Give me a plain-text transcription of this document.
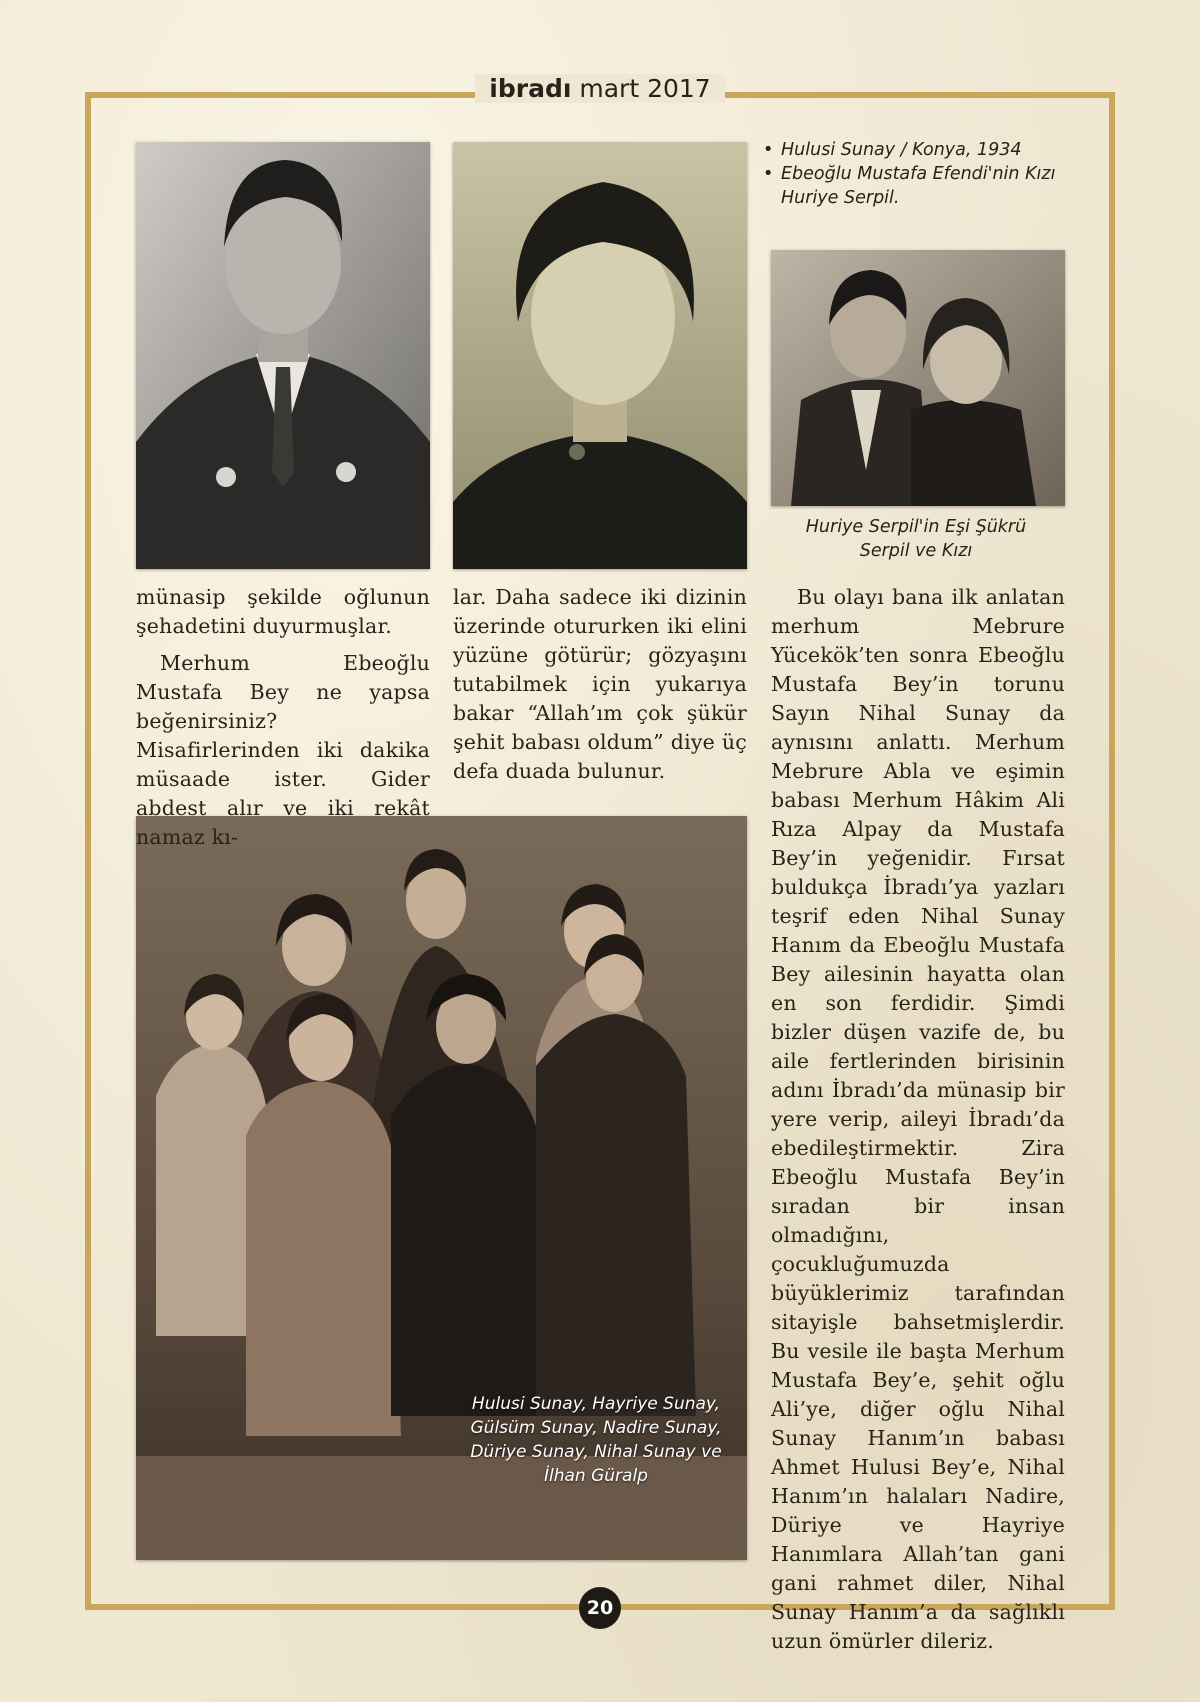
ibradı mart 2017
• Hulusi Sunay / Konya, 1934
• Ebeoğlu Mustafa Efendi'nin Kızı Huriye Serpil.
Huriye Serpil'in Eşi Şükrü Serpil ve Kızı
Hulusi Sunay, Hayriye Sunay, Gülsüm Sunay, Nadire Sunay, Düriye Sunay, Nihal Sunay ve İlhan Güralp

münasip şekilde oğlunun şehadetini duyurmuşlar.

Merhum Ebeoğlu Mustafa Bey ne yapsa beğenirsiniz? Misafirlerinden iki dakika müsaade ister. Gider abdest alır ve iki rekât namaz kı-

lar. Daha sadece iki dizinin üzerinde otururken iki elini yüzüne götürür; gözyaşını tutabilmek için yukarıya bakar “Allah’ım çok şükür şehit babası oldum” diye üç defa duada bulunur.

Bu olayı bana ilk anlatan merhum Mebrure Yücekök’ten sonra Ebeoğlu Mustafa Bey’in torunu Sayın Nihal Sunay da aynısını anlattı. Merhum Mebrure Abla ve eşimin babası Merhum Hâkim Ali Rıza Alpay da Mustafa Bey’in yeğenidir. Fırsat buldukça İbradı’ya yazları teşrif eden Nihal Sunay Hanım da Ebeoğlu Mustafa Bey ailesinin hayatta olan en son ferdidir. Şimdi bizler düşen vazife de, bu aile fertlerinden birisinin adını İbradı’da münasip bir yere verip, aileyi İbradı’da ebedileştirmektir. Zira Ebeoğlu Mustafa Bey’in sıradan bir insan olmadığını, çocukluğumuzda büyüklerimiz tarafından sitayişle bahsetmişlerdir. Bu vesile ile başta Merhum Mustafa Bey’e, şehit oğlu Ali’ye, diğer oğlu Nihal Sunay Hanım’ın babası Ahmet Hulusi Bey’e, Nihal Hanım’ın halaları Nadire, Düriye ve Hayriye Hanımlara Allah’tan gani gani rahmet diler, Nihal Sunay Hanım’a da sağlıklı uzun ömürler dileriz.

20
